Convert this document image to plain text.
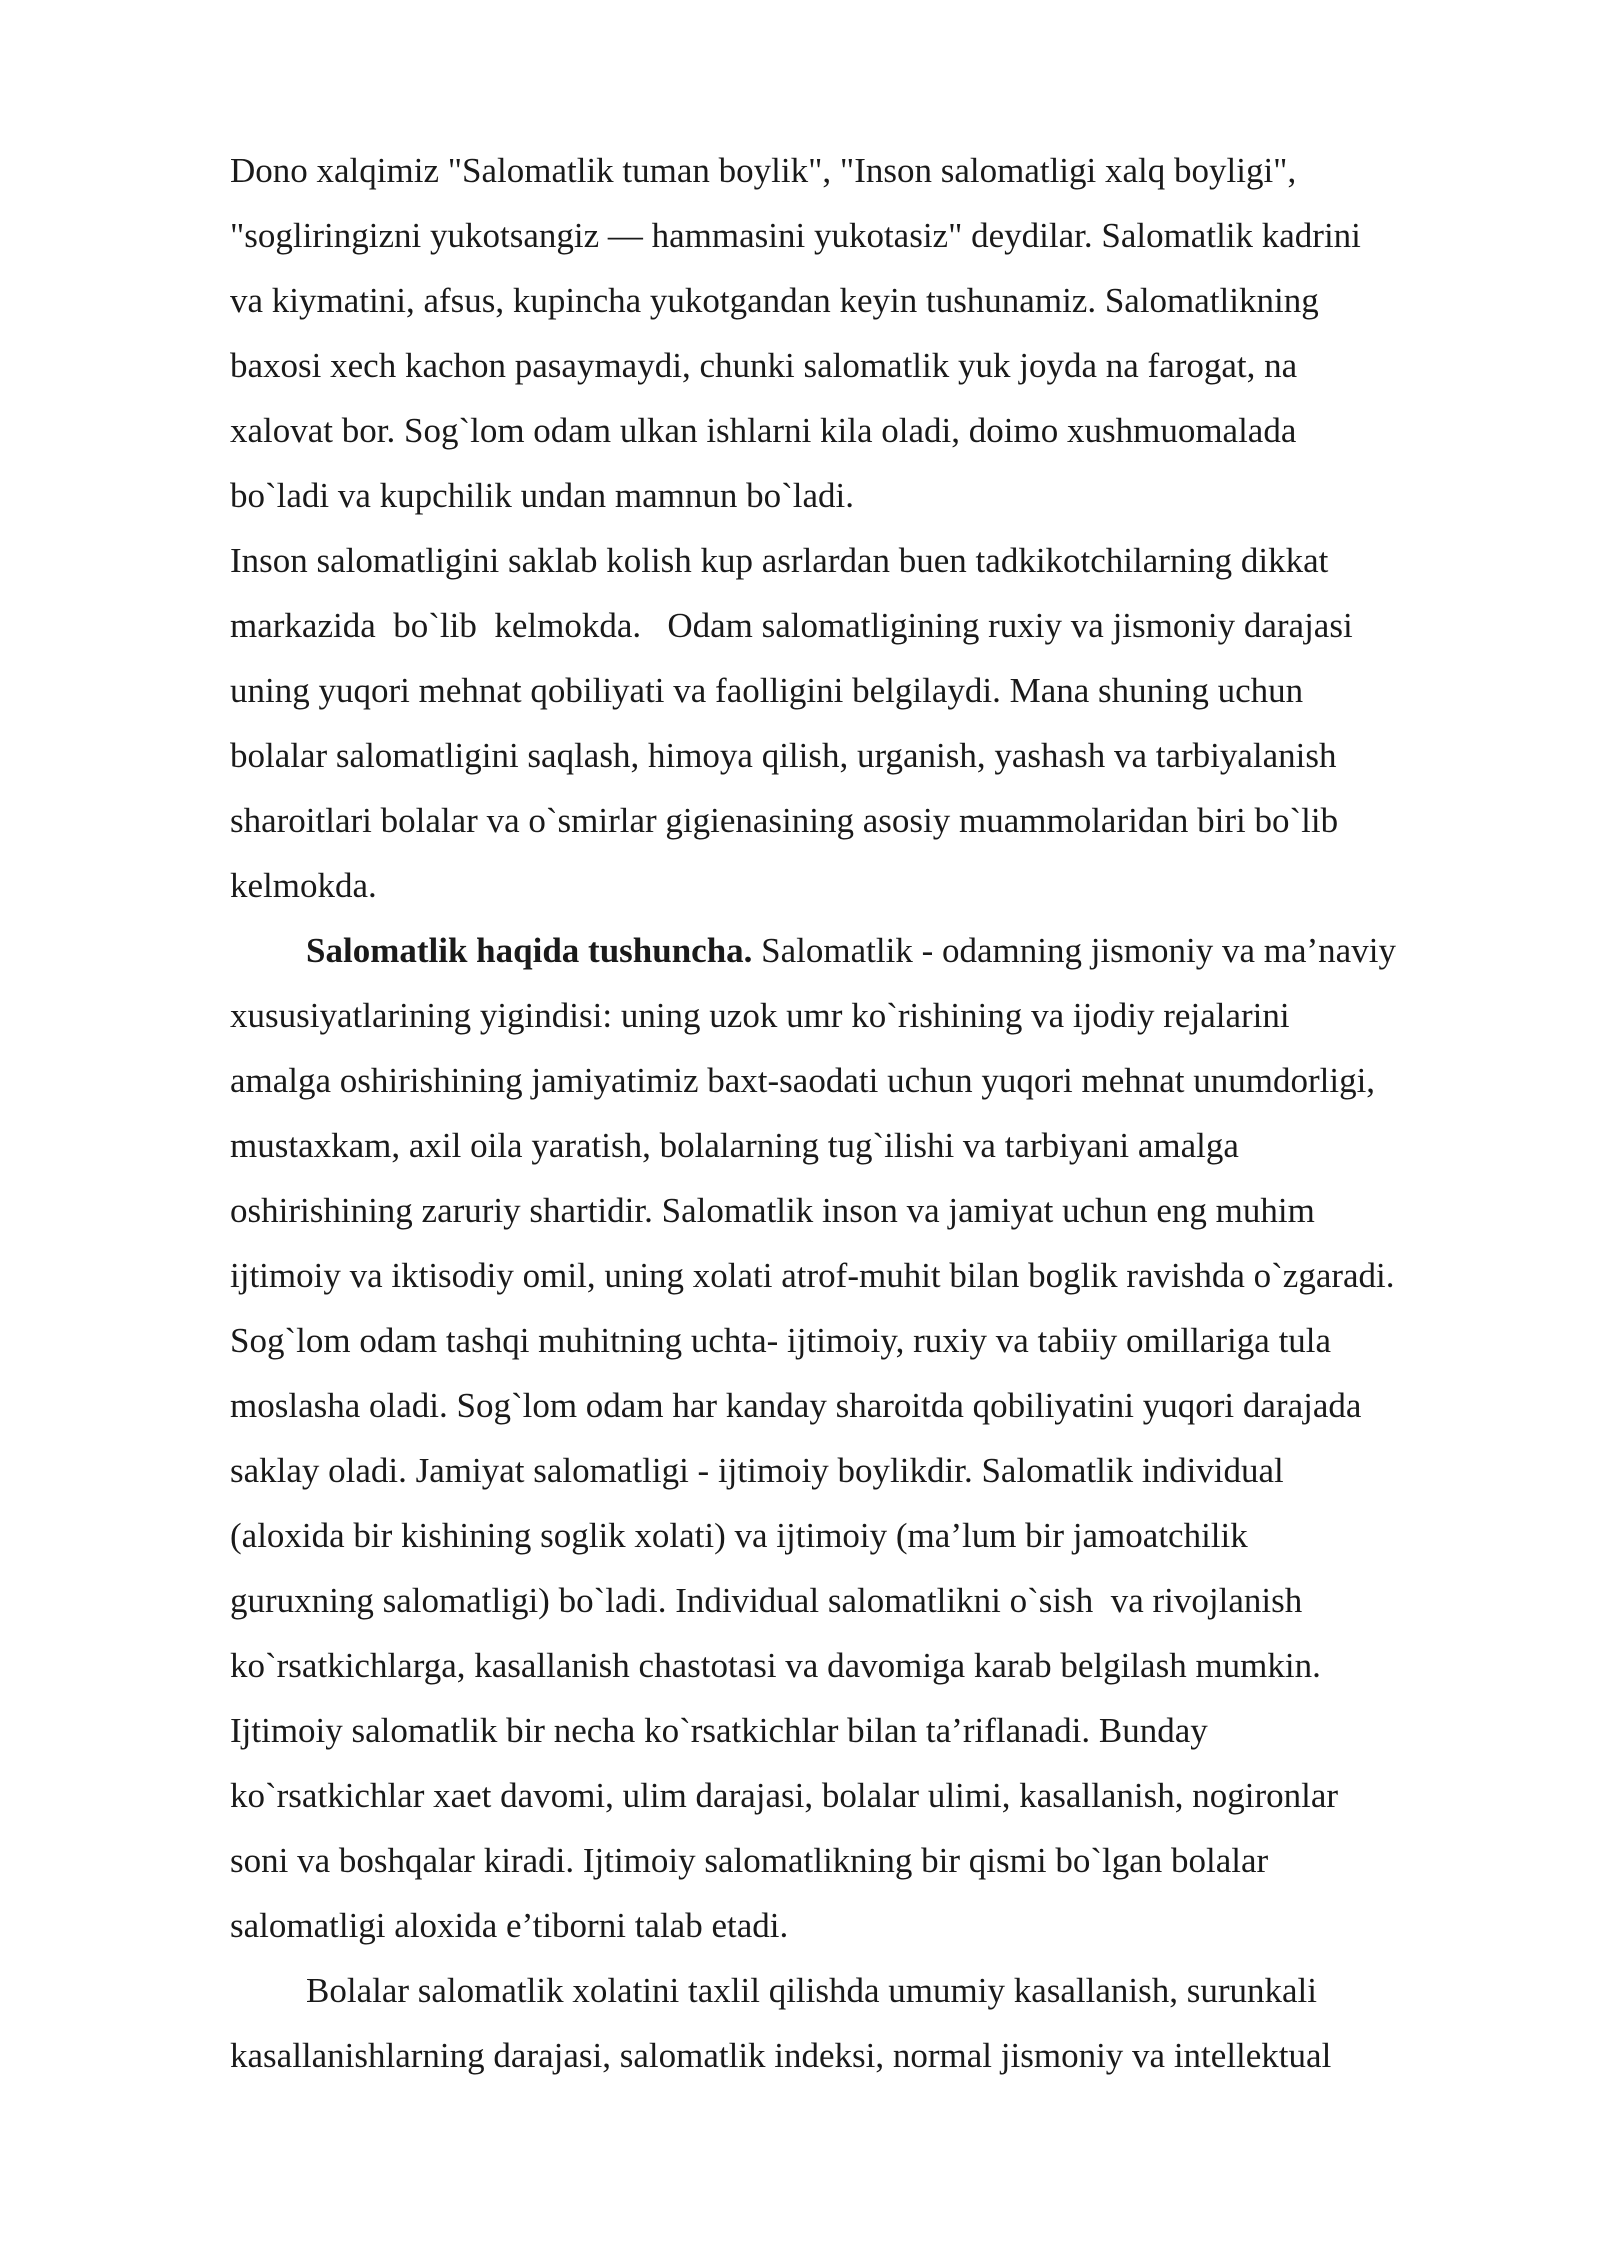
Dono xalqimiz "Salomatlik tuman boylik", "Inson salomatligi xalq boyligi",

"sogliringizni yukotsangiz — hammasini yukotasiz" deydilar. Salomatlik kadrini

va kiymatini, afsus, kupincha yukotgandan keyin tushunamiz. Salomatlikning

baxosi xech kachon pasaymaydi, chunki salomatlik yuk joyda na farogat, na

xalovat bor. Sog`lom odam ulkan ishlarni kila oladi, doimo xushmuomalada

bo`ladi va kupchilik undan mamnun bo`ladi.

Inson salomatligini saklab kolish kup asrlardan buen tadkikotchilarning dikkat

markazida  bo`lib  kelmokda.   Odam salomatligining ruxiy va jismoniy darajasi

uning yuqori mehnat qobiliyati va faolligini belgilaydi. Mana shuning uchun

bolalar salomatligini saqlash, himoya qilish, urganish, yashash va tarbiyalanish

sharoitlari bolalar va o`smirlar gigienasining asosiy muammolaridan biri bo`lib

kelmokda.

Salomatlik haqida tushuncha. Salomatlik - odamning jismoniy va ma’naviy

xususiyatlarining yigindisi: uning uzok umr ko`rishining va ijodiy rejalarini

amalga oshirishining jamiyatimiz baxt-saodati uchun yuqori mehnat unumdorligi,

mustaxkam, axil oila yaratish, bolalarning tug`ilishi va tarbiyani amalga

oshirishining zaruriy shartidir. Salomatlik inson va jamiyat uchun eng muhim

ijtimoiy va iktisodiy omil, uning xolati atrof-muhit bilan boglik ravishda o`zgaradi.

Sog`lom odam tashqi muhitning uchta- ijtimoiy, ruxiy va tabiiy omillariga tula

moslasha oladi. Sog`lom odam har kanday sharoitda qobiliyatini yuqori darajada

saklay oladi. Jamiyat salomatligi - ijtimoiy boylikdir. Salomatlik individual

(aloxida bir kishining soglik xolati) va ijtimoiy (ma’lum bir jamoatchilik

guruxning salomatligi) bo`ladi. Individual salomatlikni o`sish  va rivojlanish

ko`rsatkichlarga, kasallanish chastotasi va davomiga karab belgilash mumkin.

Ijtimoiy salomatlik bir necha ko`rsatkichlar bilan ta’riflanadi. Bunday

ko`rsatkichlar xaet davomi, ulim darajasi, bolalar ulimi, kasallanish, nogironlar

soni va boshqalar kiradi. Ijtimoiy salomatlikning bir qismi bo`lgan bolalar

salomatligi aloxida e’tiborni talab etadi.

Bolalar salomatlik xolatini taxlil qilishda umumiy kasallanish, surunkali

kasallanishlarning darajasi, salomatlik indeksi, normal jismoniy va intellektual
